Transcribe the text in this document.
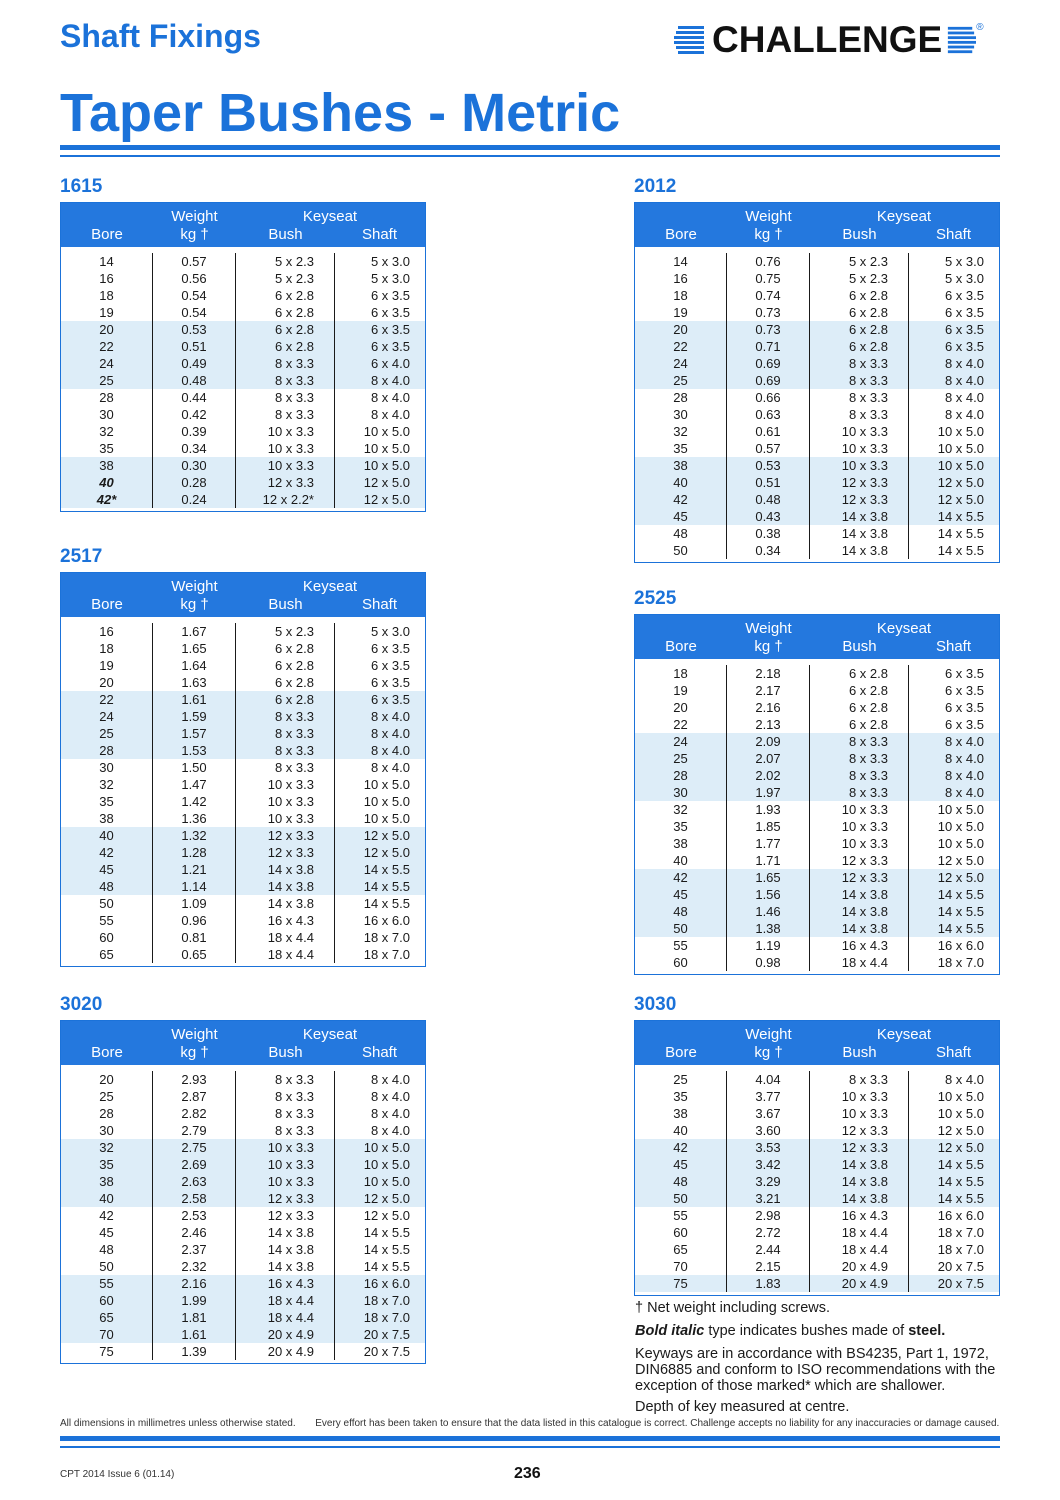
Shaft Fixings	CHALLENGE	®
Taper Bushes - Metric
1615
Weight
kg †
Keyseat
Bore	Bush	Shaft
14	0.57	5 x 2.3	5 x 3.0
16	0.56	5 x 2.3	5 x 3.0
18	0.54	6 x 2.8	6 x 3.5
19	0.54	6 x 2.8	6 x 3.5
20	0.53	6 x 2.8	6 x 3.5
22	0.51	6 x 2.8	6 x 3.5
24	0.49	8 x 3.3	6 x 4.0
25	0.48	8 x 3.3	8 x 4.0
28	0.44	8 x 3.3	8 x 4.0
30	0.42	8 x 3.3	8 x 4.0
32	0.39	10 x 3.3	10 x 5.0
35	0.34	10 x 3.3	10 x 5.0
38	0.30	10 x 3.3	10 x 5.0
40	0.28	12 x 3.3	12 x 5.0
42*	0.24	12 x 2.2*	12 x 5.0
2517
Weight
kg †
Keyseat
Bore	Bush	Shaft
16	1.67	5 x 2.3	5 x 3.0
18	1.65	6 x 2.8	6 x 3.5
19	1.64	6 x 2.8	6 x 3.5
20	1.63	6 x 2.8	6 x 3.5
22	1.61	6 x 2.8	6 x 3.5
24	1.59	8 x 3.3	8 x 4.0
25	1.57	8 x 3.3	8 x 4.0
28	1.53	8 x 3.3	8 x 4.0
30	1.50	8 x 3.3	8 x 4.0
32	1.47	10 x 3.3	10 x 5.0
35	1.42	10 x 3.3	10 x 5.0
38	1.36	10 x 3.3	10 x 5.0
40	1.32	12 x 3.3	12 x 5.0
42	1.28	12 x 3.3	12 x 5.0
45	1.21	14 x 3.8	14 x 5.5
48	1.14	14 x 3.8	14 x 5.5
50	1.09	14 x 3.8	14 x 5.5
55	0.96	16 x 4.3	16 x 6.0
60	0.81	18 x 4.4	18 x 7.0
65	0.65	18 x 4.4	18 x 7.0
3020
Weight
kg †
Keyseat
Bore	Bush	Shaft
20	2.93	8 x 3.3	8 x 4.0
25	2.87	8 x 3.3	8 x 4.0
28	2.82	8 x 3.3	8 x 4.0
30	2.79	8 x 3.3	8 x 4.0
32	2.75	10 x 3.3	10 x 5.0
35	2.69	10 x 3.3	10 x 5.0
38	2.63	10 x 3.3	10 x 5.0
40	2.58	12 x 3.3	12 x 5.0
42	2.53	12 x 3.3	12 x 5.0
45	2.46	14 x 3.8	14 x 5.5
48	2.37	14 x 3.8	14 x 5.5
50	2.32	14 x 3.8	14 x 5.5
55	2.16	16 x 4.3	16 x 6.0
60	1.99	18 x 4.4	18 x 7.0
65	1.81	18 x 4.4	18 x 7.0
70	1.61	20 x 4.9	20 x 7.5
75	1.39	20 x 4.9	20 x 7.5
2012
Weight
kg †
Keyseat
Bore	Bush	Shaft
14	0.76	5 x 2.3	5 x 3.0
16	0.75	5 x 2.3	5 x 3.0
18	0.74	6 x 2.8	6 x 3.5
19	0.73	6 x 2.8	6 x 3.5
20	0.73	6 x 2.8	6 x 3.5
22	0.71	6 x 2.8	6 x 3.5
24	0.69	8 x 3.3	8 x 4.0
25	0.69	8 x 3.3	8 x 4.0
28	0.66	8 x 3.3	8 x 4.0
30	0.63	8 x 3.3	8 x 4.0
32	0.61	10 x 3.3	10 x 5.0
35	0.57	10 x 3.3	10 x 5.0
38	0.53	10 x 3.3	10 x 5.0
40	0.51	12 x 3.3	12 x 5.0
42	0.48	12 x 3.3	12 x 5.0
45	0.43	14 x 3.8	14 x 5.5
48	0.38	14 x 3.8	14 x 5.5
50	0.34	14 x 3.8	14 x 5.5
2525
Weight
kg †
Keyseat
Bore	Bush	Shaft
18	2.18	6 x 2.8	6 x 3.5
19	2.17	6 x 2.8	6 x 3.5
20	2.16	6 x 2.8	6 x 3.5
22	2.13	6 x 2.8	6 x 3.5
24	2.09	8 x 3.3	8 x 4.0
25	2.07	8 x 3.3	8 x 4.0
28	2.02	8 x 3.3	8 x 4.0
30	1.97	8 x 3.3	8 x 4.0
32	1.93	10 x 3.3	10 x 5.0
35	1.85	10 x 3.3	10 x 5.0
38	1.77	10 x 3.3	10 x 5.0
40	1.71	12 x 3.3	12 x 5.0
42	1.65	12 x 3.3	12 x 5.0
45	1.56	14 x 3.8	14 x 5.5
48	1.46	14 x 3.8	14 x 5.5
50	1.38	14 x 3.8	14 x 5.5
55	1.19	16 x 4.3	16 x 6.0
60	0.98	18 x 4.4	18 x 7.0
3030
Weight
kg †
Keyseat
Bore	Bush	Shaft
25	4.04	8 x 3.3	8 x 4.0
35	3.77	10 x 3.3	10 x 5.0
38	3.67	10 x 3.3	10 x 5.0
40	3.60	12 x 3.3	12 x 5.0
42	3.53	12 x 3.3	12 x 5.0
45	3.42	14 x 3.8	14 x 5.5
48	3.29	14 x 3.8	14 x 5.5
50	3.21	14 x 3.8	14 x 5.5
55	2.98	16 x 4.3	16 x 6.0
60	2.72	18 x 4.4	18 x 7.0
65	2.44	18 x 4.4	18 x 7.0
70	2.15	20 x 4.9	20 x 7.5
75	1.83	20 x 4.9	20 x 7.5

† Net weight including screws.

Bold italic type indicates bushes made of steel.

Keyways are in accordance with BS4235, Part 1, 1972, DIN6885 and conform to ISO recommendations with the exception of those marked* which are shallower.

Depth of key measured at centre.

All dimensions in millimetres unless otherwise stated. Every effort has been taken to ensure that the data listed in this catalogue is correct. Challenge accepts no liability for any inaccuracies or damage caused.
CPT 2014 Issue 6 (01.14)	236
